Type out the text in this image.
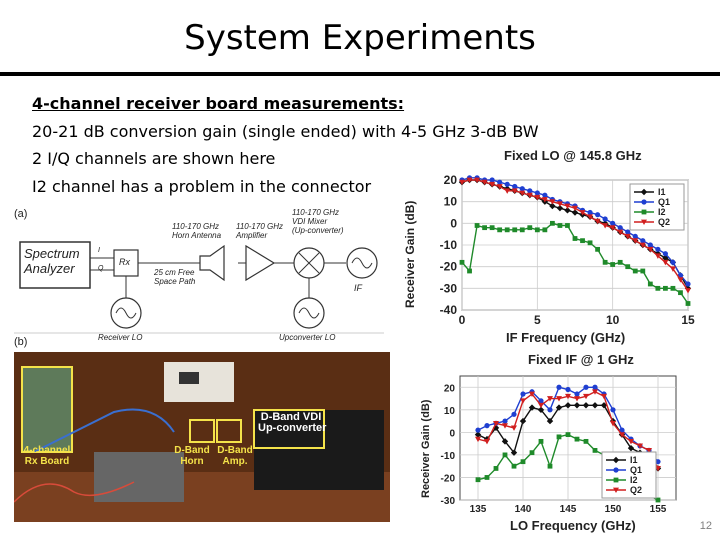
System Experiments
4-channel receiver board measurements:
20-21 dB conversion gain (single ended) with 4-5 GHz 3-dB BW
2 I/Q channels are shown here
I2 channel has a problem in the connector
(a)
Spectrum
Analyzer	Rx
I
Q
110-170 GHz
Horn Antenna
110-170 GHz
Amplifier
110-170 GHz
VDI Mixer
(Up-converter)
25 cm Free
Space Path
IF
Receiver LO	Upconverter LO
(b)
4-channel
Rx Board
D-Band
Horn
D-Band
Amp.
D-Band VDI
Up-converter
Fixed LO @ 145.8 GHz
-40
-30
-20
-10
0
10
20
0	5	10	15
I1
Q1
I2
Q2
IF Frequency (GHz)
Receiver Gain (dB)
Fixed IF @ 1 GHz
-30
-20
-10
0
10
20
135	140	145	150	155
I1
Q1
I2
Q2
LO Frequency (GHz)
Receiver Gain (dB)
12
